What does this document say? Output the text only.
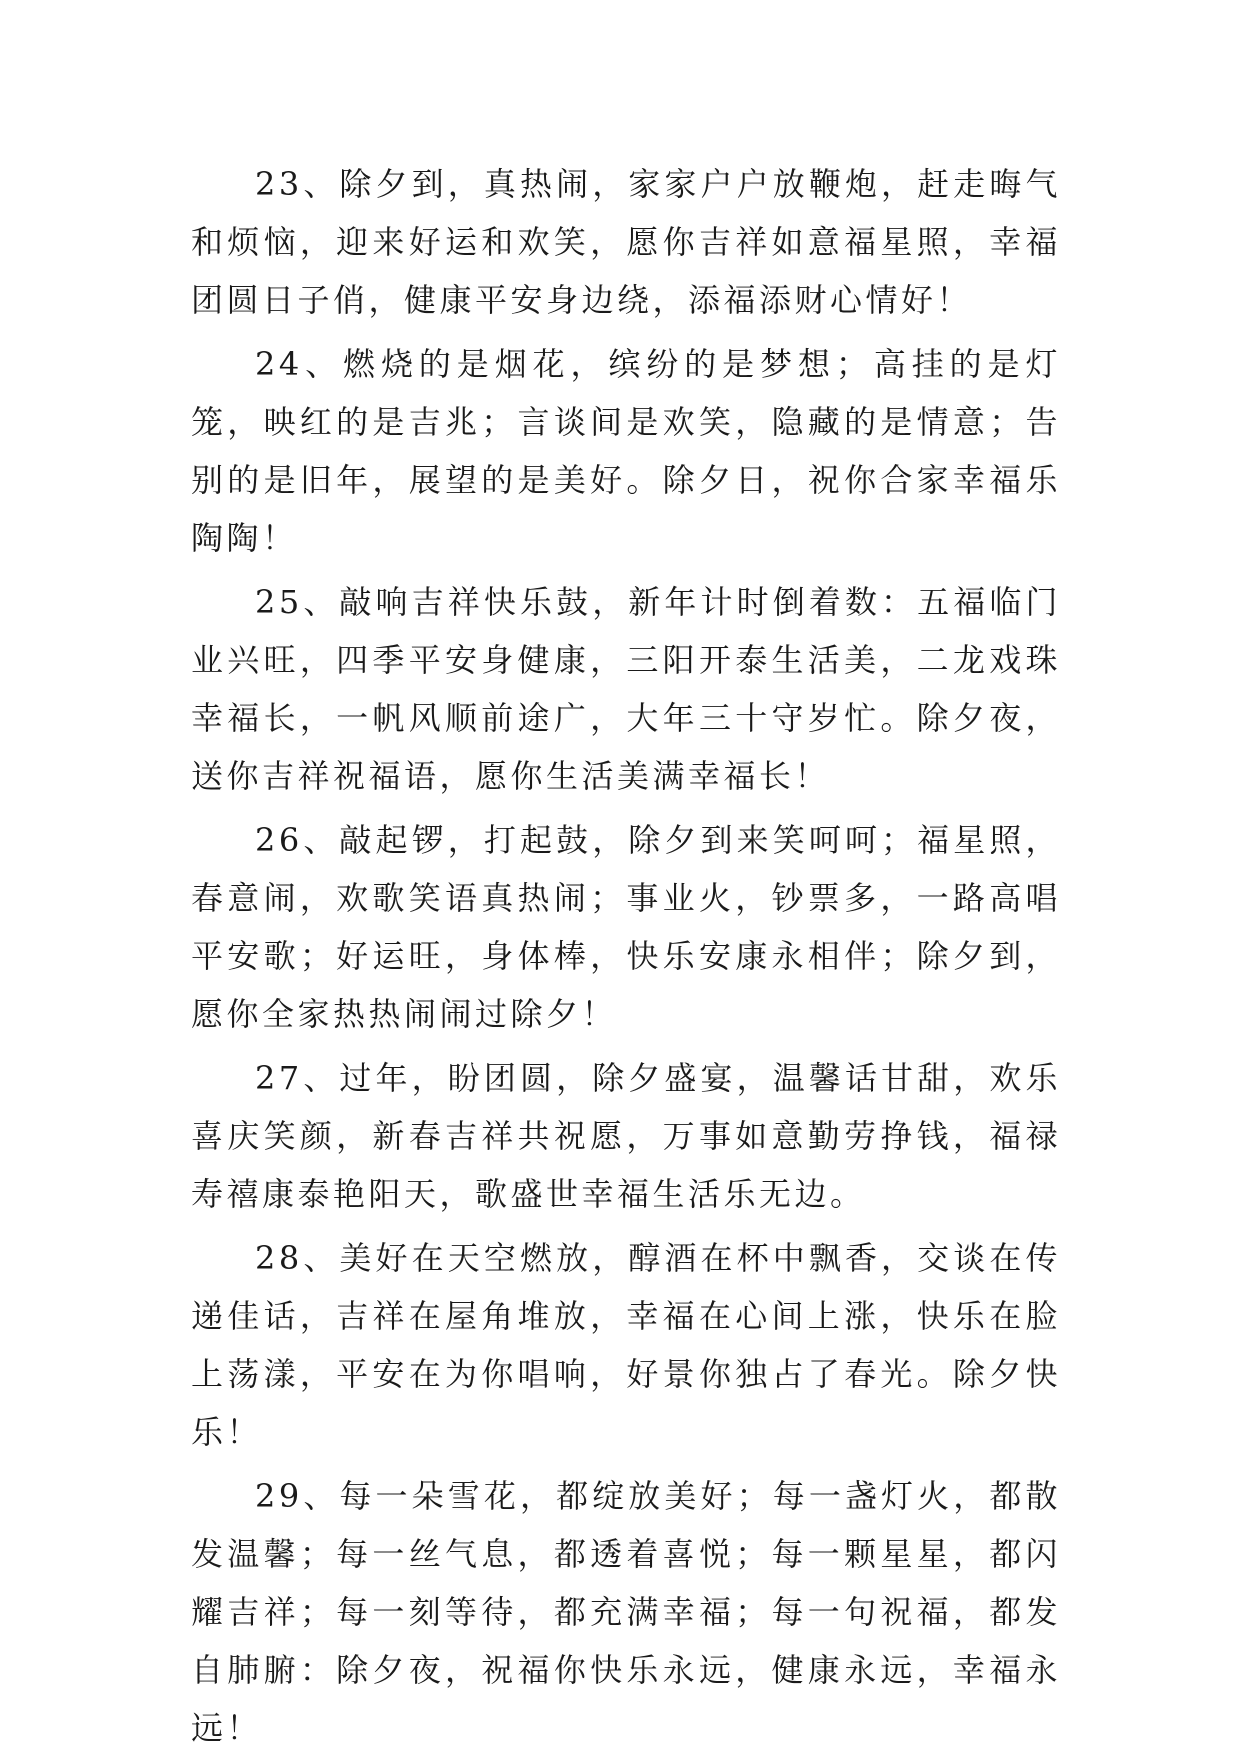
23、除夕到，真热闹，家家户户放鞭炮，赶走晦气和烦恼，迎来好运和欢笑，愿你吉祥如意福星照，幸福团圆日子俏，健康平安身边绕，添福添财心情好！

24、燃烧的是烟花，缤纷的是梦想；高挂的是灯笼，映红的是吉兆；言谈间是欢笑，隐藏的是情意；告别的是旧年，展望的是美好。除夕日，祝你合家幸福乐陶陶！

25、敲响吉祥快乐鼓，新年计时倒着数：五福临门业兴旺，四季平安身健康，三阳开泰生活美，二龙戏珠幸福长，一帆风顺前途广，大年三十守岁忙。除夕夜，送你吉祥祝福语，愿你生活美满幸福长！

26、敲起锣，打起鼓，除夕到来笑呵呵；福星照，春意闹，欢歌笑语真热闹；事业火，钞票多，一路高唱平安歌；好运旺，身体棒，快乐安康永相伴；除夕到，愿你全家热热闹闹过除夕！

27、过年，盼团圆，除夕盛宴，温馨话甘甜，欢乐喜庆笑颜，新春吉祥共祝愿，万事如意勤劳挣钱，福禄寿禧康泰艳阳天，歌盛世幸福生活乐无边。

28、美好在天空燃放，醇酒在杯中飘香，交谈在传递佳话，吉祥在屋角堆放，幸福在心间上涨，快乐在脸上荡漾，平安在为你唱响，好景你独占了春光。除夕快乐！

29、每一朵雪花，都绽放美好；每一盏灯火，都散发温馨；每一丝气息，都透着喜悦；每一颗星星，都闪耀吉祥；每一刻等待，都充满幸福；每一句祝福，都发自肺腑：除夕夜，祝福你快乐永远，健康永远，幸福永远！
